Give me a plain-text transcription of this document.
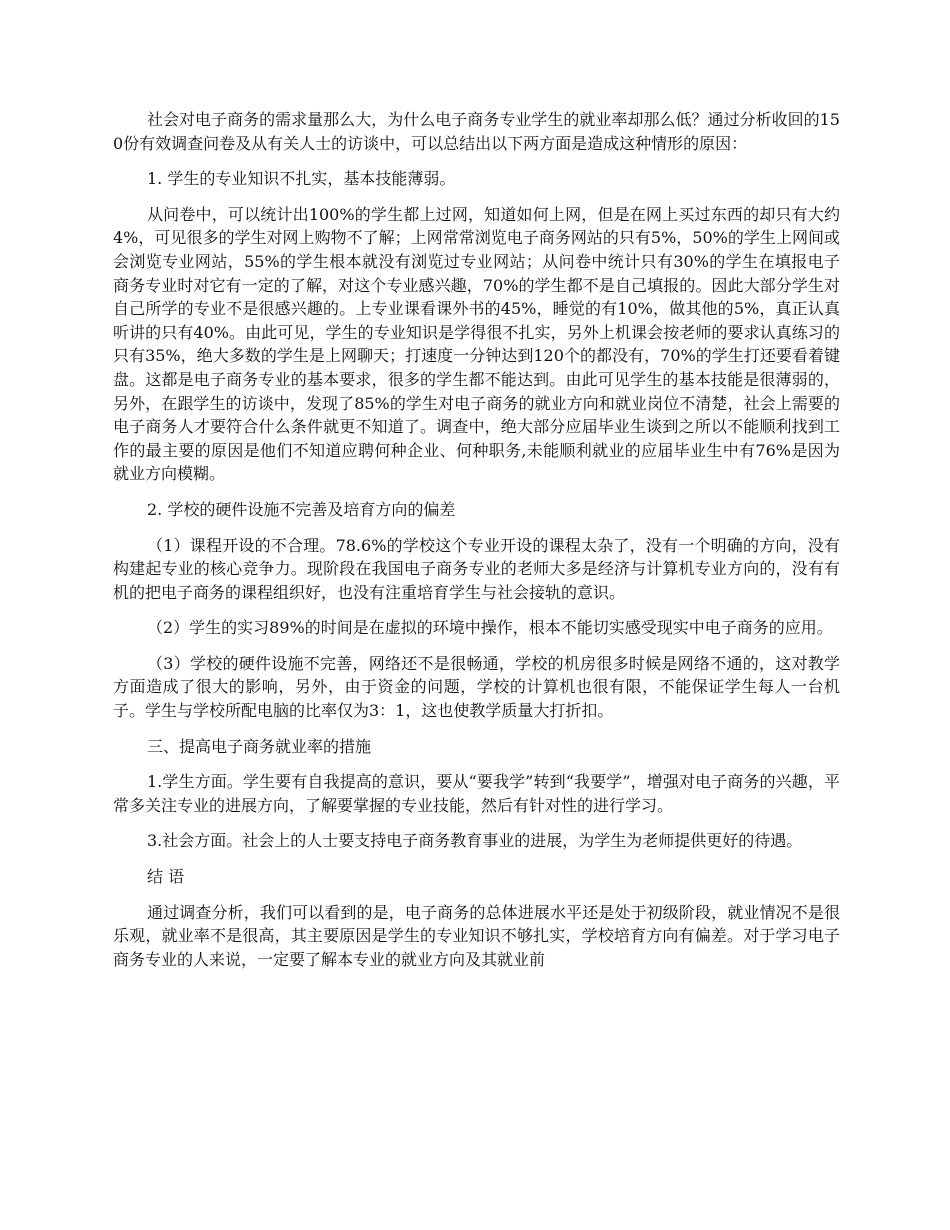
社会对电子商务的需求量那么大，为什么电子商务专业学生的就业率却那么低？通过分析收回的150份有效调查问卷及从有关人士的访谈中，可以总结出以下两方面是造成这种情形的原因：

1. 学生的专业知识不扎实，基本技能薄弱。

从问卷中，可以统计出100%的学生都上过网，知道如何上网，但是在网上买过东西的却只有大约4%，可见很多的学生对网上购物不了解；上网常常浏览电子商务网站的只有5%，50%的学生上网间或会浏览专业网站，55%的学生根本就没有浏览过专业网站；从问卷中统计只有30%的学生在填报电子商务专业时对它有一定的了解，对这个专业感兴趣，70%的学生都不是自己填报的。因此大部分学生对自己所学的专业不是很感兴趣的。上专业课看课外书的45%，睡觉的有10%，做其他的5%，真正认真听讲的只有40%。由此可见，学生的专业知识是学得很不扎实，另外上机课会按老师的要求认真练习的只有35%，绝大多数的学生是上网聊天；打速度一分钟达到120个的都没有，70%的学生打还要看着键盘。这都是电子商务专业的基本要求，很多的学生都不能达到。由此可见学生的基本技能是很薄弱的，另外，在跟学生的访谈中，发现了85%的学生对电子商务的就业方向和就业岗位不清楚，社会上需要的电子商务人才要符合什么条件就更不知道了。调查中，绝大部分应届毕业生谈到之所以不能顺利找到工作的最主要的原因是他们不知道应聘何种企业、何种职务,未能顺利就业的应届毕业生中有76%是因为就业方向模糊。

2. 学校的硬件设施不完善及培育方向的偏差

（1）课程开设的不合理。78.6%的学校这个专业开设的课程太杂了，没有一个明确的方向，没有构建起专业的核心竞争力。现阶段在我国电子商务专业的老师大多是经济与计算机专业方向的，没有有机的把电子商务的课程组织好，也没有注重培育学生与社会接轨的意识。

（2）学生的实习89%的时间是在虚拟的环境中操作，根本不能切实感受现实中电子商务的应用。

（3）学校的硬件设施不完善，网络还不是很畅通，学校的机房很多时候是网络不通的，这对教学方面造成了很大的影响，另外，由于资金的问题，学校的计算机也很有限，不能保证学生每人一台机子。学生与学校所配电脑的比率仅为3：1，这也使教学质量大打折扣。

三、提高电子商务就业率的措施

1.学生方面。学生要有自我提高的意识，要从“要我学”转到“我要学”，增强对电子商务的兴趣，平常多关注专业的进展方向，了解要掌握的专业技能，然后有针对性的进行学习。

3.社会方面。社会上的人士要支持电子商务教育事业的进展，为学生为老师提供更好的待遇。

结 语

通过调查分析，我们可以看到的是，电子商务的总体进展水平还是处于初级阶段，就业情况不是很乐观，就业率不是很高，其主要原因是学生的专业知识不够扎实，学校培育方向有偏差。对于学习电子商务专业的人来说，一定要了解本专业的就业方向及其就业前
